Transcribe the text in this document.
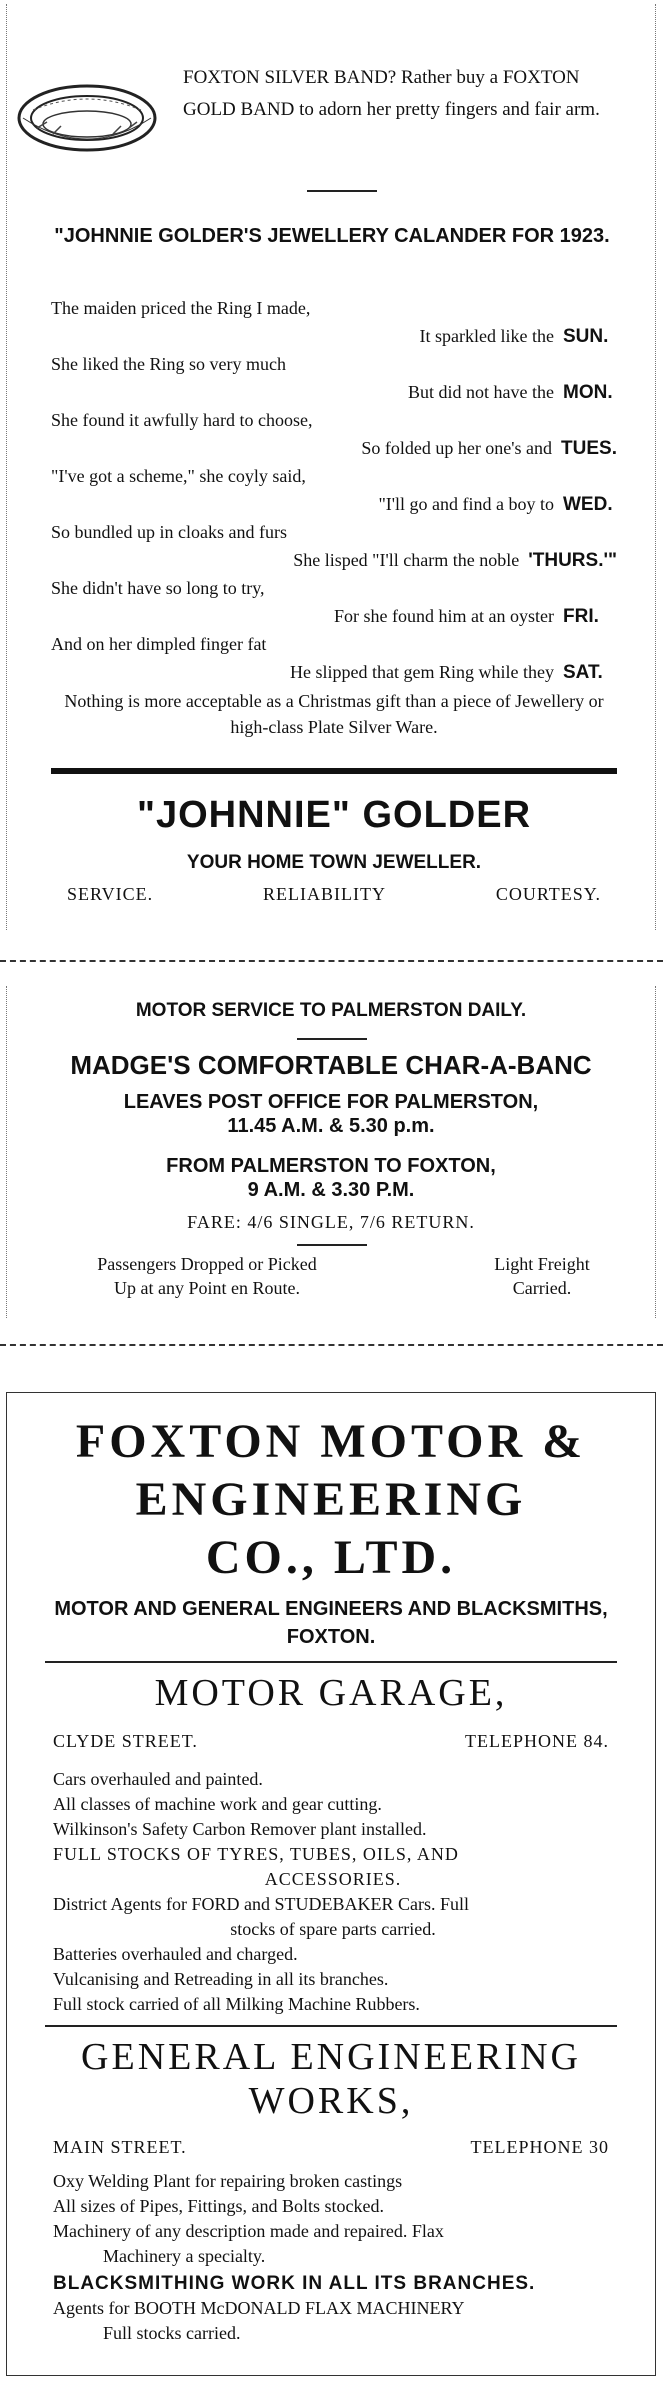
FOXTON SILVER BAND? Rather buy a FOXTON GOLD BAND to adorn her pretty fingers and fair arm.
"JOHNNIE GOLDER'S JEWELLERY CALANDER FOR 1923.
The maiden priced the Ring I made,
It sparkled like the SUN.
She liked the Ring so very much
But did not have the MON.
She found it awfully hard to choose,
So folded up her one's and TUES.
"I've got a scheme," she coyly said,
"I'll go and find a boy to WED.
So bundled up in cloaks and furs
She lisped "I'll charm the noble 'THURS.'"
She didn't have so long to try,
For she found him at an oyster FRI.
And on her dimpled finger fat
He slipped that gem Ring while they SAT.
Nothing is more acceptable as a Christmas gift than a piece of Jewellery or high-class Plate Silver Ware.
"JOHNNIE" GOLDER
YOUR HOME TOWN JEWELLER.
SERVICE.	RELIABILITY	COURTESY.
MOTOR SERVICE TO PALMERSTON DAILY.
MADGE'S COMFORTABLE CHAR-A-BANC
LEAVES POST OFFICE FOR PALMERSTON,
11.45 A.M. & 5.30 p.m.
FROM PALMERSTON TO FOXTON,
9 A.M. & 3.30 P.M.
FARE: 4/6 SINGLE, 7/6 RETURN.
Passengers Dropped or Picked
Up at any Point en Route.
Light Freight
Carried.
FOXTON MOTOR &
ENGINEERING
CO., LTD.
MOTOR AND GENERAL ENGINEERS AND BLACKSMITHS,
FOXTON.
MOTOR GARAGE,
CLYDE STREET.	TELEPHONE 84.
Cars overhauled and painted.
All classes of machine work and gear cutting.
Wilkinson's Safety Carbon Remover plant installed.
FULL STOCKS OF TYRES, TUBES, OILS, AND
ACCESSORIES.
District Agents for FORD and STUDEBAKER Cars. Full
stocks of spare parts carried.
Batteries overhauled and charged.
Vulcanising and Retreading in all its branches.
Full stock carried of all Milking Machine Rubbers.
GENERAL ENGINEERING
WORKS,
MAIN STREET.	TELEPHONE 30
Oxy Welding Plant for repairing broken castings
All sizes of Pipes, Fittings, and Bolts stocked.
Machinery of any description made and repaired. Flax
Machinery a specialty.
BLACKSMITHING WORK IN ALL ITS BRANCHES.
Agents for BOOTH McDONALD FLAX MACHINERY
Full stocks carried.
